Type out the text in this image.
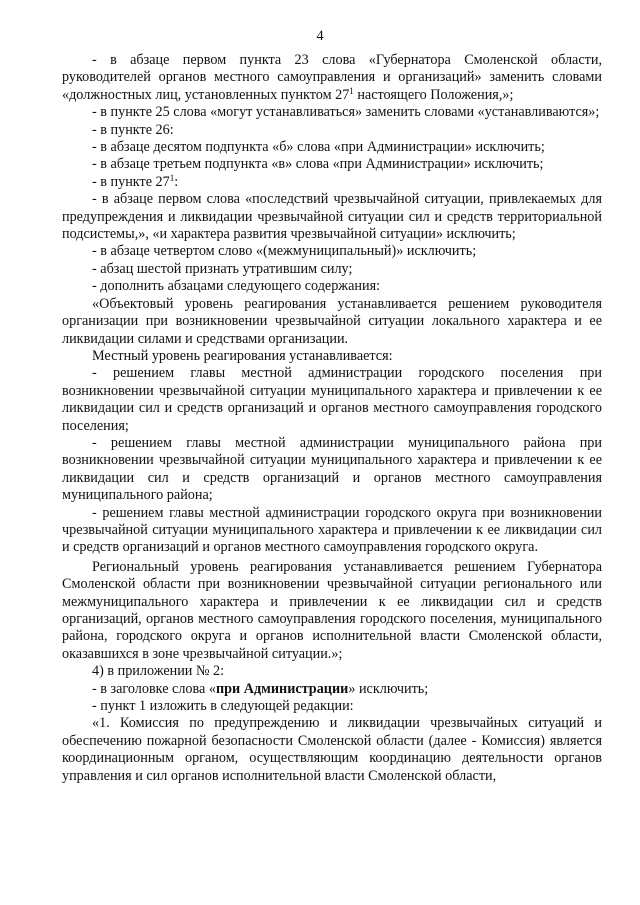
4

- в абзаце первом пункта 23 слова «Губернатора Смоленской области, руководителей органов местного самоуправления и организаций» заменить словами «должностных лиц, установленных пунктом $27^1$ настоящего Положения,»;

- в пункте 25 слова «могут устанавливаться» заменить словами «устанавливаются»;

- в пункте 26:

- в абзаце десятом подпункта «б» слова «при Администрации» исключить;

- в абзаце третьем подпункта «в» слова «при Администрации» исключить;

- в пункте $27^1$:

- в абзаце первом слова «последствий чрезвычайной ситуации, привлекаемых для предупреждения и ликвидации чрезвычайной ситуации сил и средств территориальной подсистемы,», «и характера развития чрезвычайной ситуации» исключить;

- в абзаце четвертом слово «(межмуниципальный)» исключить;

- абзац шестой признать утратившим силу;

- дополнить абзацами следующего содержания:

«Объектовый уровень реагирования устанавливается решением руководителя организации при возникновении чрезвычайной ситуации локального характера и ее ликвидации силами и средствами организации.

Местный уровень реагирования устанавливается:

- решением главы местной администрации городского поселения при возникновении чрезвычайной ситуации муниципального характера и привлечении к ее ликвидации сил и средств организаций и органов местного самоуправления городского поселения;

- решением главы местной администрации муниципального района при возникновении чрезвычайной ситуации муниципального характера и привлечении к ее ликвидации сил и средств организаций и органов местного самоуправления муниципального района;

- решением главы местной администрации городского округа при возникновении чрезвычайной ситуации муниципального характера и привлечении к ее ликвидации сил и средств организаций и органов местного самоуправления городского округа.

Региональный уровень реагирования устанавливается решением Губернатора Смоленской области при возникновении чрезвычайной ситуации регионального или межмуниципального характера и привлечении к ее ликвидации сил и средств организаций, органов местного самоуправления городского поселения, муниципального района, городского округа и органов исполнительной власти Смоленской области, оказавшихся в зоне чрезвычайной ситуации.»;

4) в приложении № 2:

- в заголовке слова «при Администрации» исключить;

- пункт 1 изложить в следующей редакции:

«1. Комиссия по предупреждению и ликвидации чрезвычайных ситуаций и обеспечению пожарной безопасности Смоленской области (далее - Комиссия) является координационным органом, осуществляющим координацию деятельности органов управления и сил органов исполнительной власти Смоленской области,
